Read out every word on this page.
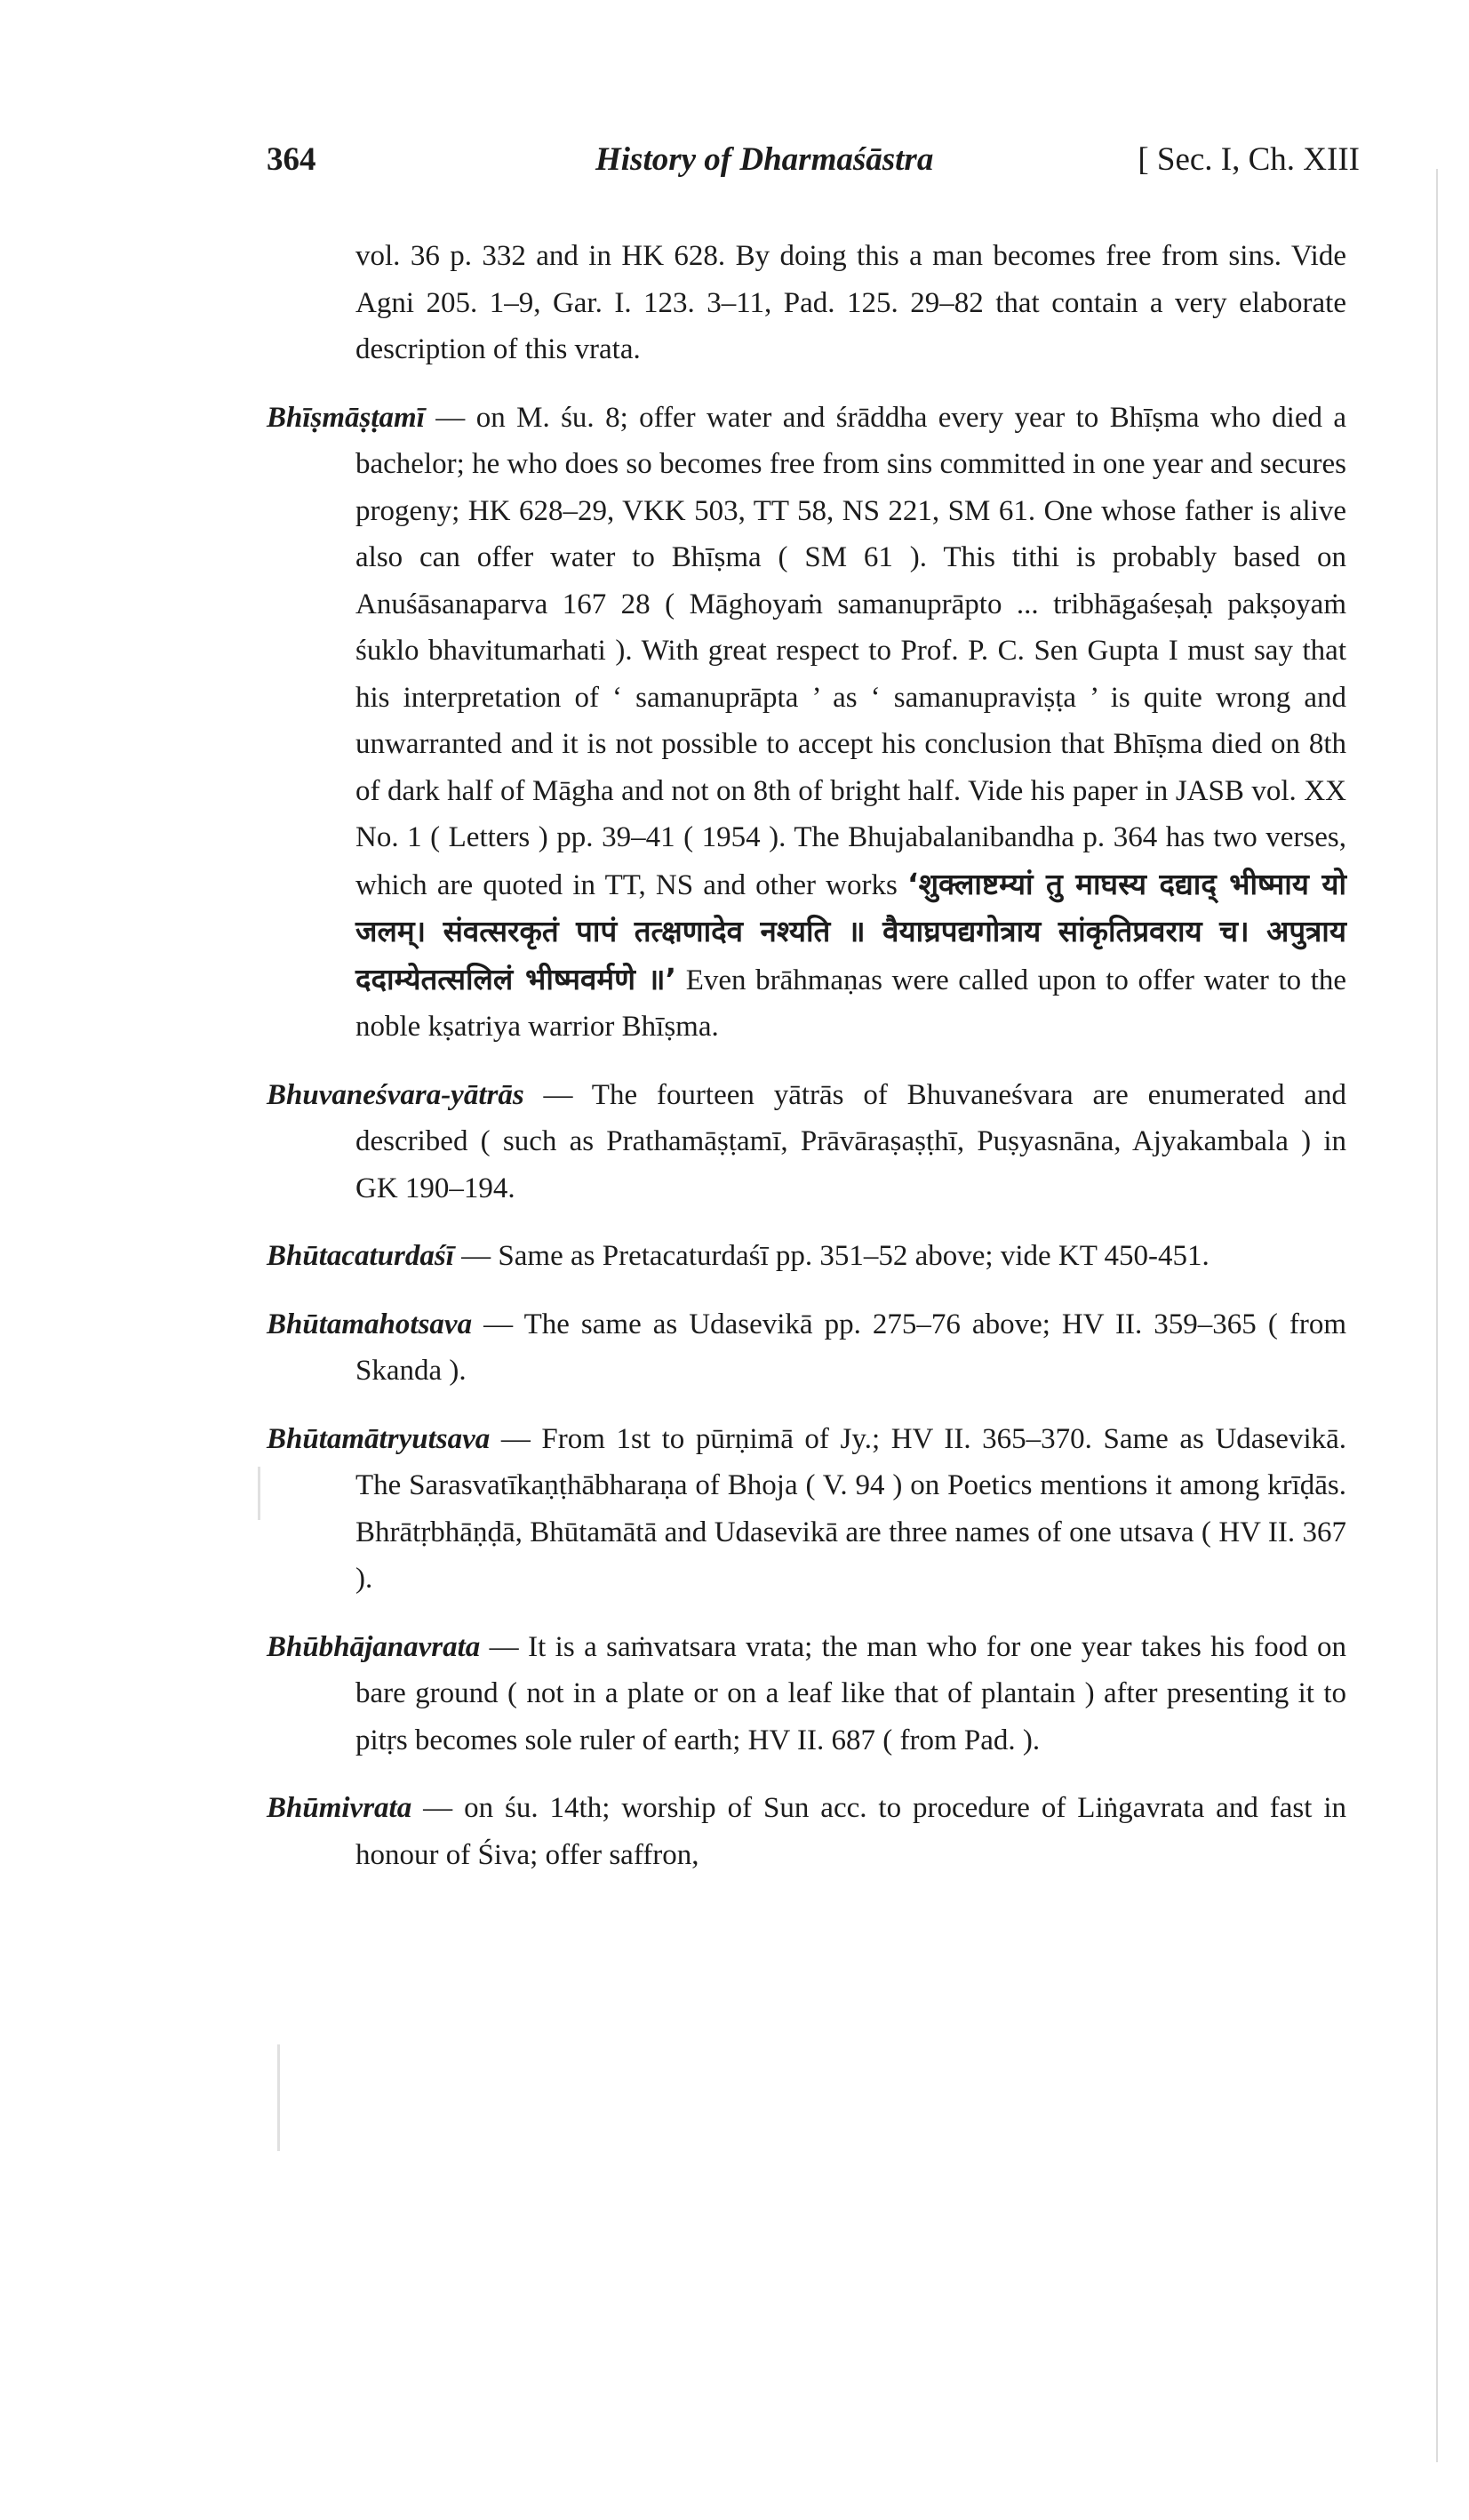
364	History of Dharmaśāstra	[ Sec. I, Ch. XIII

vol. 36 p. 332 and in HK 628. By doing this a man becomes free from sins. Vide Agni 205. 1–9, Gar. I. 123. 3–11, Pad. 125. 29–82 that contain a very elaborate description of this vrata.

Bhīṣmāṣṭamī — on M. śu. 8; offer water and śrāddha every year to Bhīṣma who died a bachelor; he who does so becomes free from sins committed in one year and secures progeny; HK 628–29, VKK 503, TT 58, NS 221, SM 61. One whose father is alive also can offer water to Bhīṣma ( SM 61 ). This tithi is probably based on Anuśāsanaparva 167 28 ( Māghoyaṁ samanuprāpto ... tribhāgaśeṣaḥ pakṣoyaṁ śuklo bhavitumarhati ). With great respect to Prof. P. C. Sen Gupta I must say that his interpretation of ‘ samanuprāpta ’ as ‘ samanupraviṣṭa ’ is quite wrong and unwarranted and it is not possible to accept his conclusion that Bhīṣma died on 8th of dark half of Māgha and not on 8th of bright half. Vide his paper in JASB vol. XX No. 1 ( Letters ) pp. 39–41 ( 1954 ). The Bhujabalanibandha p. 364 has two verses, which are quoted in TT, NS and other works ‘शुक्लाष्टम्यां तु माघस्य दद्याद् भीष्माय यो जलम्। संवत्सरकृतं पापं तत्क्षणादेव नश्यति ॥ वैयाघ्रपद्यगोत्राय सांकृतिप्रवराय च। अपुत्राय ददाम्येतत्सलिलं भीष्मवर्मणे ॥’ Even brāhmaṇas were called upon to offer water to the noble kṣatriya warrior Bhīṣma.

Bhuvaneśvara-yātrās — The fourteen yātrās of Bhuvaneśvara are enumerated and described ( such as Prathamāṣṭamī, Prāvāraṣaṣṭhī, Puṣyasnāna, Ajyakambala ) in GK 190–194.

Bhūtacaturdaśī — Same as Pretacaturdaśī pp. 351–52 above; vide KT 450-451.

Bhūtamahotsava — The same as Udasevikā pp. 275–76 above; HV II. 359–365 ( from Skanda ).

Bhūtamātryutsava — From 1st to pūrṇimā of Jy.; HV II. 365–370. Same as Udasevikā. The Sarasvatīkaṇṭhābharaṇa of Bhoja ( V. 94 ) on Poetics mentions it among krīḍās. Bhrātṛbhāṇḍā, Bhūtamātā and Udasevikā are three names of one utsava ( HV II. 367 ).

Bhūbhājanavrata — It is a saṁvatsara vrata; the man who for one year takes his food on bare ground ( not in a plate or on a leaf like that of plantain ) after presenting it to pitṛs becomes sole ruler of earth; HV II. 687 ( from Pad. ).

Bhūmivrata — on śu. 14th; worship of Sun acc. to procedure of Liṅgavrata and fast in honour of Śiva; offer saffron,
